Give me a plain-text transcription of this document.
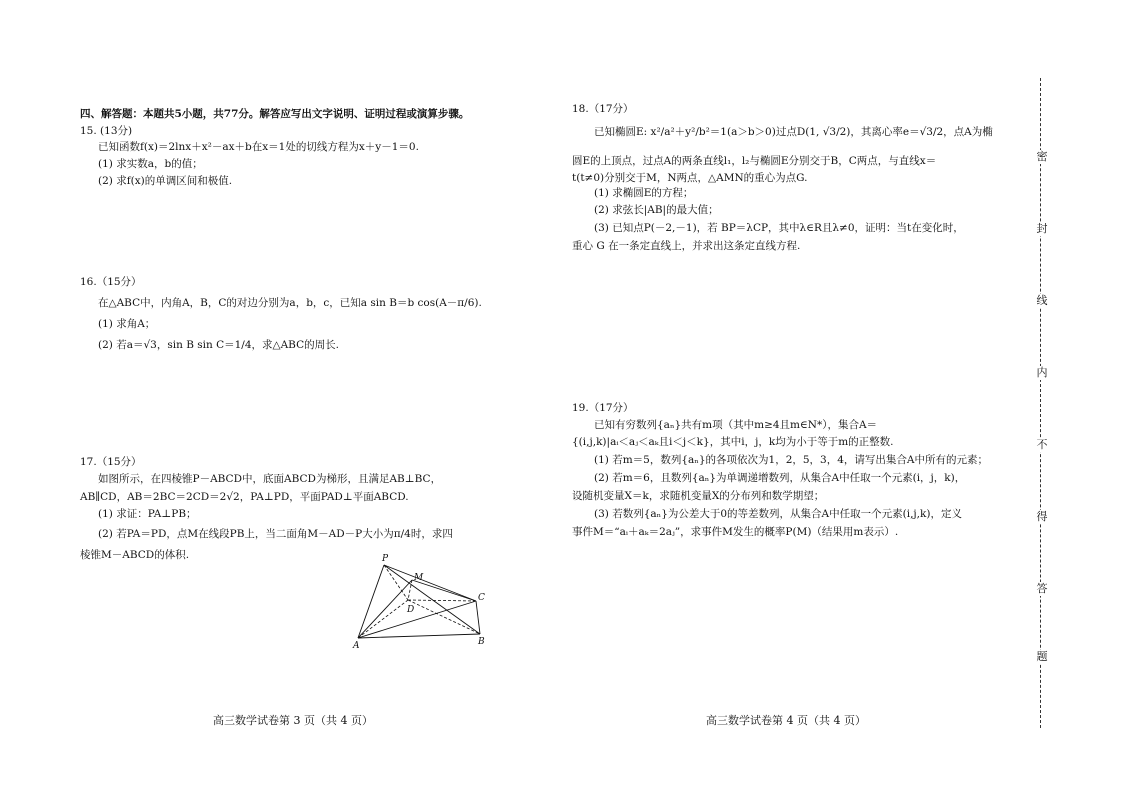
四、解答题：本题共5小题，共77分。解答应写出文字说明、证明过程或演算步骤。
15. (13分)
已知函数f(x)＝2lnx＋x²－ax＋b在x＝1处的切线方程为x＋y－1＝0.
(1) 求实数a，b的值；
(2) 求f(x)的单调区间和极值.
16.（15分）
在△ABC中，内角A，B，C的对边分别为a，b，c，已知a sin B＝b cos(A－π/6).
(1) 求角A；
(2) 若a＝√3，sin B sin C＝1/4，求△ABC的周长.
17.（15分）
如图所示，在四棱锥P－ABCD中，底面ABCD为梯形，且满足AB⊥BC，
AB∥CD，AB＝2BC＝2CD＝2√2，PA⊥PD，平面PAD⊥平面ABCD.
(1) 求证：PA⊥PB；
(2) 若PA＝PD，点M在线段PB上，当二面角M－AD－P大小为π/4时，求四
棱锥M－ABCD的体积.	P
M
D
C
A	B
高三数学试卷第 3 页（共 4 页）
18.（17分）
已知椭圆E: x²/a²＋y²/b²＝1(a＞b＞0)过点D(1, √3/2)，其离心率e＝√3/2，点A为椭
圆E的上顶点，过点A的两条直线l₁，l₂与椭圆E分别交于B，C两点，与直线x＝
t(t≠0)分别交于M，N两点，△AMN的重心为点G.
(1) 求椭圆E的方程；
(2) 求弦长|AB|的最大值；
(3) 已知点P(－2,－1)，若 BP＝λCP，其中λ∈R且λ≠0，证明：当t在变化时，
重心 G 在一条定直线上，并求出这条定直线方程.
19.（17分）
已知有穷数列{aₙ}共有m项（其中m≥4且m∈N*），集合A＝
{(i,j,k)|aᵢ＜aⱼ＜aₖ且i＜j＜k}，其中i，j，k均为小于等于m的正整数.
(1) 若m＝5，数列{aₙ}的各项依次为1，2，5，3，4，请写出集合A中所有的元素；
(2) 若m＝6，且数列{aₙ}为单调递增数列，从集合A中任取一个元素(i，j，k)，
设随机变量X＝k，求随机变量X的分布列和数学期望；
(3) 若数列{aₙ}为公差大于0的等差数列，从集合A中任取一个元素(i,j,k)，定义
事件M＝“aᵢ＋aₖ＝2aⱼ”，求事件M发生的概率P(M)（结果用m表示）.
高三数学试卷第 4 页（共 4 页）
密
封
线
内
不
得
答
题
